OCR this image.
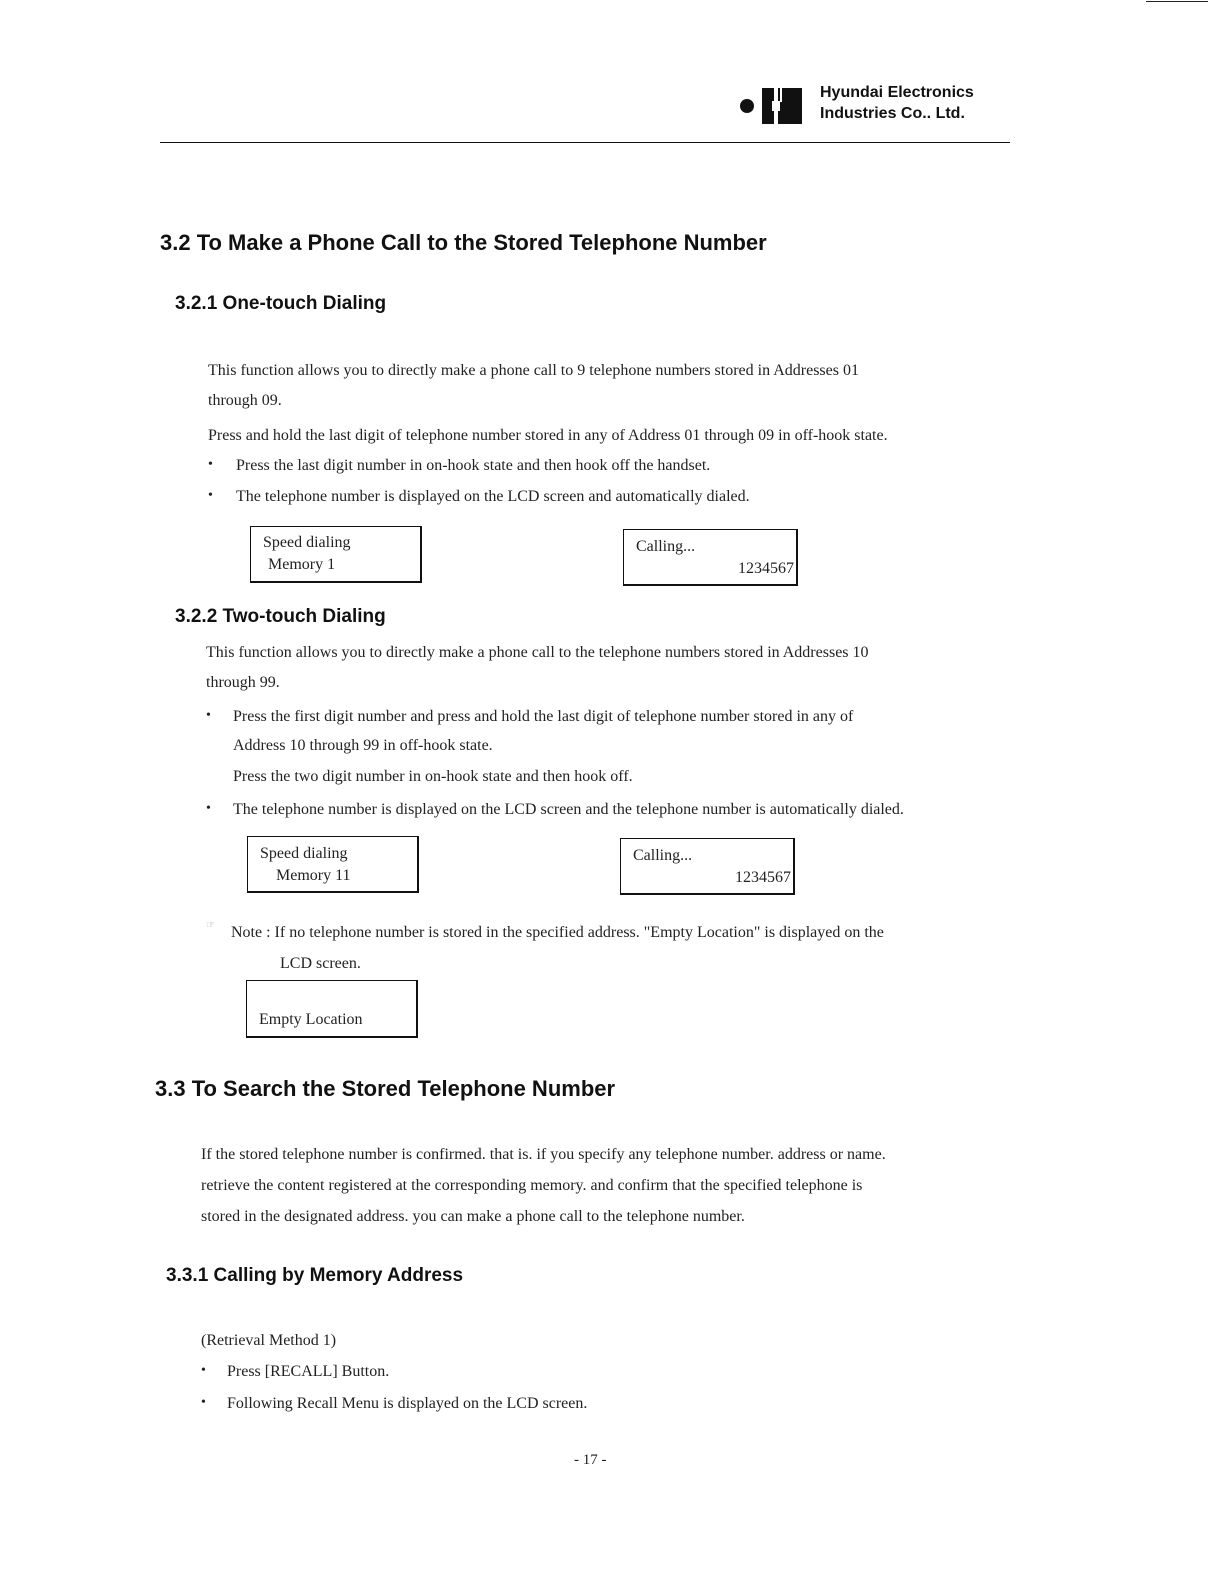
Hyundai Electronics
Industries Co.. Ltd.
3.2 To Make a Phone Call to the Stored Telephone Number
3.2.1 One-touch Dialing
This function allows you to directly make a phone call to 9 telephone numbers stored in Addresses 01
through 09.
Press and hold the last digit of telephone number stored in any of Address 01 through 09 in off-hook state.
• Press the last digit number in on-hook state and then hook off the handset.
• The telephone number is displayed on the LCD screen and automatically dialed.
Speed dialing
Memory 1
Calling...
1234567
3.2.2 Two-touch Dialing
This function allows you to directly make a phone call to the telephone numbers stored in Addresses 10
through 99.
• Press the first digit number and press and hold the last digit of telephone number stored in any of
Address 10 through 99 in off-hook state.
Press the two digit number in on-hook state and then hook off.
• The telephone number is displayed on the LCD screen and the telephone number is automatically dialed.
Speed dialing
Memory 11
Calling...
1234567
☞ Note : If no telephone number is stored in the specified address. "Empty Location" is displayed on the
LCD screen.
Empty Location
3.3 To Search the Stored Telephone Number
If the stored telephone number is confirmed. that is. if you specify any telephone number. address or name.
retrieve the content registered at the corresponding memory. and confirm that the specified telephone is
stored in the designated address. you can make a phone call to the telephone number.
3.3.1 Calling by Memory Address
(Retrieval Method 1)
• Press [RECALL] Button.
• Following Recall Menu is displayed on the LCD screen.
- 17 -
